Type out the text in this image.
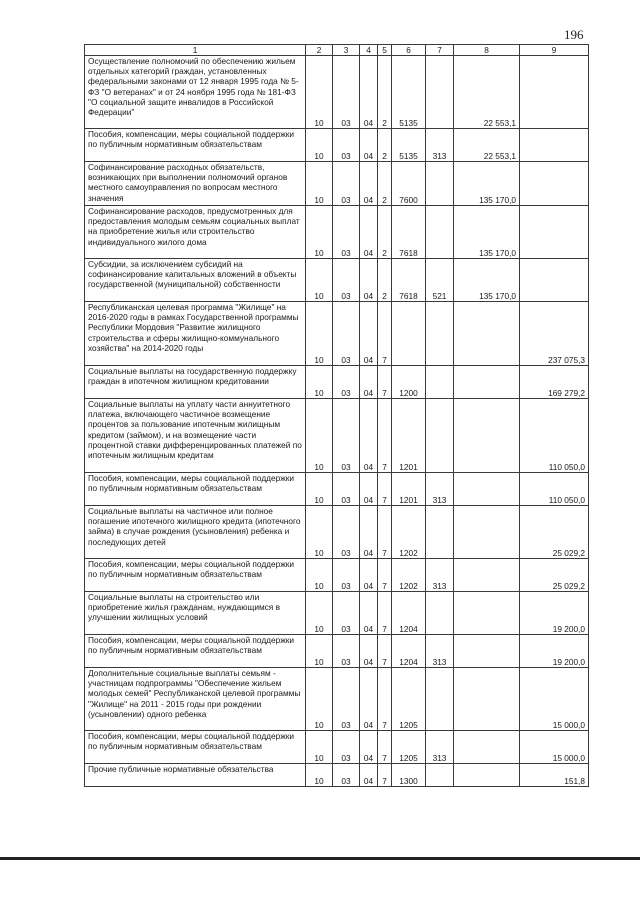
196
1	2	3	4	5	6	7	8	9
Осуществление полномочий по обеспечению жильем отдельных категорий граждан, установленных федеральными законами от 12 января 1995 года № 5-ФЗ "О ветеранах" и от 24 ноября 1995 года № 181-ФЗ "О социальной защите инвалидов в Российской Федерации"	10	03	04	2	5135		22 553,1	
Пособия, компенсации, меры социальной поддержки по публичным нормативным обязательствам	10	03	04	2	5135	313	22 553,1	
Софинансирование расходных обязательств, возникающих при выполнении полномочий органов местного самоуправления по вопросам местного значения	10	03	04	2	7600		135 170,0	
Софинансирование расходов, предусмотренных для предоставления молодым семьям социальных выплат на приобретение жилья или строительство индивидуального жилого дома	10	03	04	2	7618		135 170,0	
Субсидии, за исключением субсидий на софинансирование капитальных вложений в объекты государственной (муниципальной) собственности	10	03	04	2	7618	521	135 170,0	
Республиканская целевая программа "Жилище" на 2016-2020 годы в рамках Государственной программы Республики Мордовия "Развитие жилищного строительства и сферы жилищно-коммунального хозяйства" на 2014-2020 годы	10	03	04	7				237 075,3
Социальные выплаты на государственную поддержку граждан в ипотечном жилищном кредитовании	10	03	04	7	1200			169 279,2
Социальные выплаты на уплату части аннуитетного платежа, включающего частичное возмещение процентов за пользование ипотечным жилищным кредитом (займом), и на возмещение части процентной ставки дифференцированных платежей по ипотечным жилищным кредитам	10	03	04	7	1201			110 050,0
Пособия, компенсации, меры социальной поддержки по публичным нормативным обязательствам	10	03	04	7	1201	313		110 050,0
Социальные выплаты на частичное или полное погашение ипотечного жилищного кредита (ипотечного займа) в случае рождения (усыновления) ребенка и последующих детей	10	03	04	7	1202			25 029,2
Пособия, компенсации, меры социальной поддержки по публичным нормативным обязательствам	10	03	04	7	1202	313		25 029,2
Социальные выплаты на строительство или приобретение жилья гражданам, нуждающимся в улучшении жилищных условий	10	03	04	7	1204			19 200,0
Пособия, компенсации, меры социальной поддержки по публичным нормативным обязательствам	10	03	04	7	1204	313		19 200,0
Дополнительные социальные выплаты семьям - участницам подпрограммы "Обеспечение жильем молодых семей" Республиканской целевой программы "Жилище" на 2011 - 2015 годы при рождении (усыновлении) одного ребенка	10	03	04	7	1205			15 000,0
Пособия, компенсации, меры социальной поддержки по публичным нормативным обязательствам	10	03	04	7	1205	313		15 000,0
Прочие публичные нормативные обязательства	10	03	04	7	1300			151,8
